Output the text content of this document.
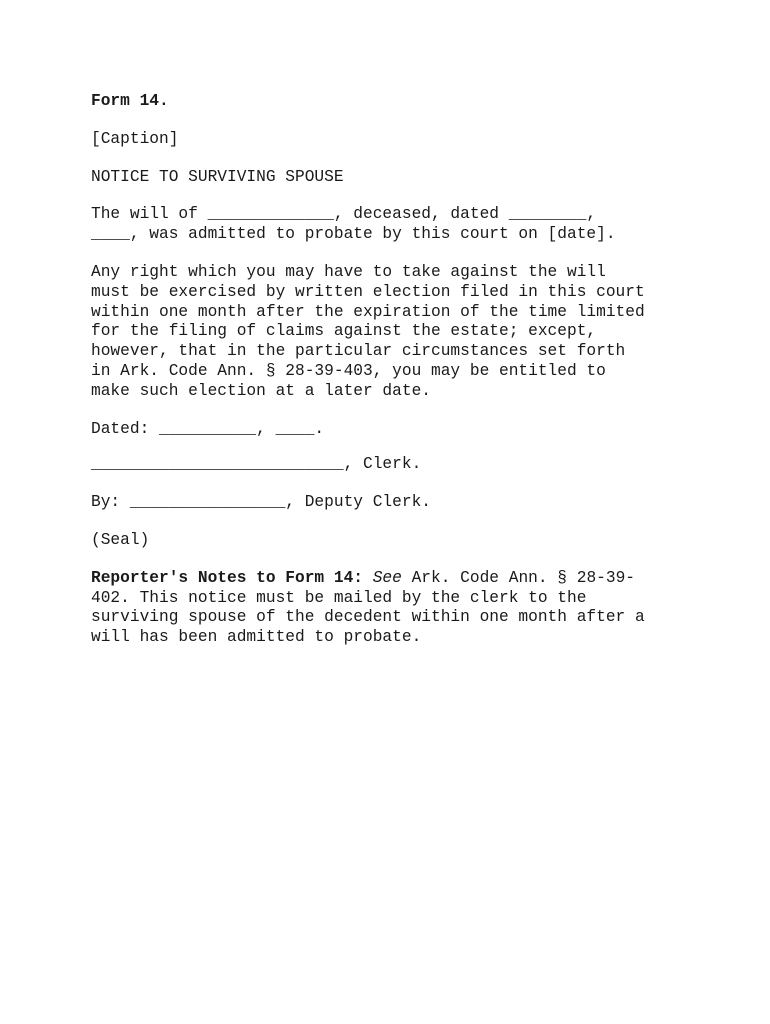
Form 14.

[Caption]

NOTICE TO SURVIVING SPOUSE

The will of _____________, deceased, dated ________,

____, was admitted to probate by this court on [date].

Any right which you may have to take against the will

must be exercised by written election filed in this court

within one month after the expiration of the time limited

for the filing of claims against the estate; except,

however, that in the particular circumstances set forth

in Ark. Code Ann. § 28-39-403, you may be entitled to

make such election at a later date.

Dated: __________, ____.

__________________________, Clerk.

By: ________________, Deputy Clerk.

(Seal)

Reporter's Notes to Form 14: See Ark. Code Ann. § 28-39-

402. This notice must be mailed by the clerk to the

surviving spouse of the decedent within one month after a

will has been admitted to probate.
